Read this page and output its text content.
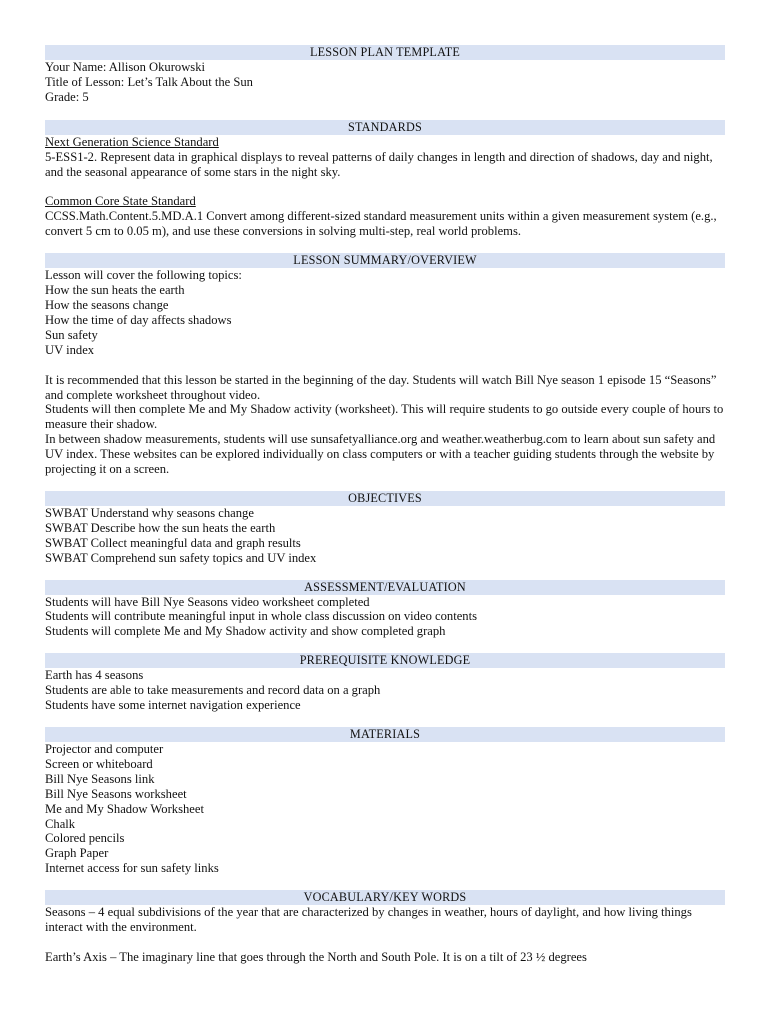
LESSON PLAN TEMPLATE
Your Name: Allison Okurowski
Title of Lesson: Let’s Talk About the Sun
Grade: 5
STANDARDS
Next Generation Science Standard
5-ESS1-2. Represent data in graphical displays to reveal patterns of daily changes in length and direction of shadows, day and night, and the seasonal appearance of some stars in the night sky.
Common Core State Standard
CCSS.Math.Content.5.MD.A.1 Convert among different-sized standard measurement units within a given measurement system (e.g., convert 5 cm to 0.05 m), and use these conversions in solving multi-step, real world problems.
LESSON SUMMARY/OVERVIEW
Lesson will cover the following topics:
How the sun heats the earth
How the seasons change
How the time of day affects shadows
Sun safety
UV index
It is recommended that this lesson be started in the beginning of the day. Students will watch Bill Nye season 1 episode 15 “Seasons” and complete worksheet throughout video.
Students will then complete Me and My Shadow activity (worksheet). This will require students to go outside every couple of hours to measure their shadow.
In between shadow measurements, students will use sunsafetyalliance.org and weather.weatherbug.com to learn about sun safety and UV index. These websites can be explored individually on class computers or with a teacher guiding students through the website by projecting it on a screen.
OBJECTIVES
SWBAT Understand why seasons change
SWBAT Describe how the sun heats the earth
SWBAT Collect meaningful data and graph results
SWBAT Comprehend sun safety topics and UV index
ASSESSMENT/EVALUATION
Students will have Bill Nye Seasons video worksheet completed
Students will contribute meaningful input in whole class discussion on video contents
Students will complete Me and My Shadow activity and show completed graph
PREREQUISITE KNOWLEDGE
Earth has 4 seasons
Students are able to take measurements and record data on a graph
Students have some internet navigation experience
MATERIALS
Projector and computer
Screen or whiteboard
Bill Nye Seasons link
Bill Nye Seasons worksheet
Me and My Shadow Worksheet
Chalk
Colored pencils
Graph Paper
Internet access for sun safety links
VOCABULARY/KEY WORDS
Seasons – 4 equal subdivisions of the year that are characterized by changes in weather, hours of daylight, and how living things interact with the environment.
Earth’s Axis – The imaginary line that goes through the North and South Pole. It is on a tilt of 23 ½ degrees
